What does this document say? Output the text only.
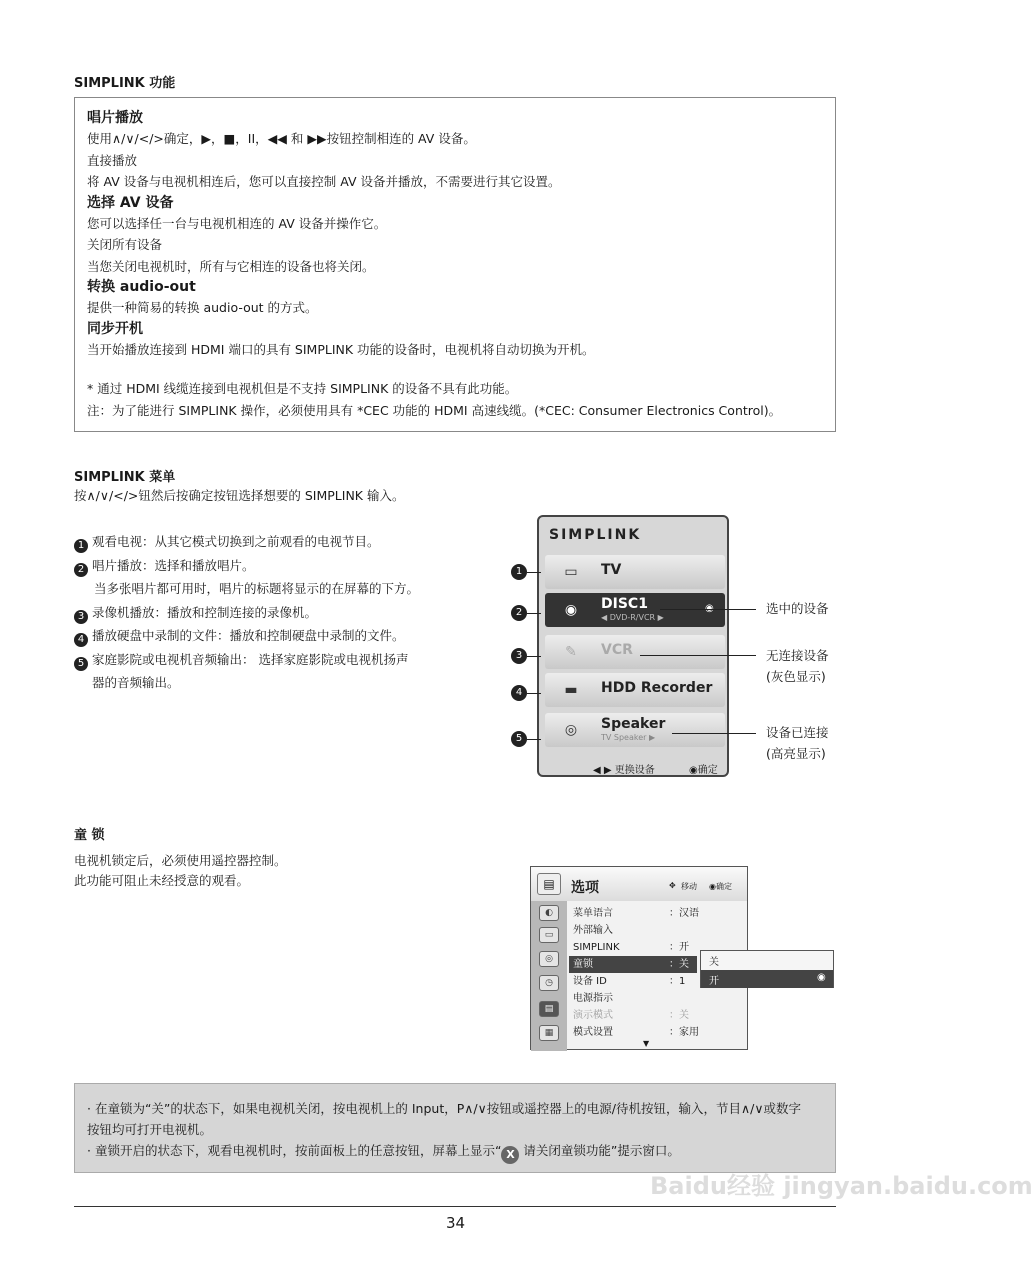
SIMPLINK 功能
唱片播放
使用∧/∨/</>确定，▶，■，II，◀◀ 和 ▶▶按钮控制相连的 AV 设备。
直接播放
将 AV 设备与电视机相连后，您可以直接控制 AV 设备并播放，不需要进行其它设置。
选择 AV 设备
您可以选择任一台与电视机相连的 AV 设备并操作它。
关闭所有设备
当您关闭电视机时，所有与它相连的设备也将关闭。
转换 audio-out
提供一种简易的转换 audio-out 的方式。
同步开机
当开始播放连接到 HDMI 端口的具有 SIMPLINK 功能的设备时，电视机将自动切换为开机。
* 通过 HDMI 线缆连接到电视机但是不支持 SIMPLINK 的设备不具有此功能。
注：为了能进行 SIMPLINK 操作，必须使用具有 *CEC 功能的 HDMI 高速线缆。(*CEC: Consumer Electronics Control)。
SIMPLINK 菜单
按∧/∨/</>钮然后按确定按钮选择想要的 SIMPLINK 输入。
1 观看电视：从其它模式切换到之前观看的电视节目。
2 唱片播放：选择和播放唱片。
当多张唱片都可用时，唱片的标题将显示的在屏幕的下方。
3 录像机播放：播放和控制连接的录像机。
4 播放硬盘中录制的文件：播放和控制硬盘中录制的文件。
5 家庭影院或电视机音频输出： 选择家庭影院或电视机扬声
器的音频输出。
SIMPLINK
▭	TV
◉	DISC1
◀ DVD-R/VCR ▶
✎	VCR
▬	HDD Recorder
◎	Speaker
TV Speaker ▶
◀ ▶ 更换设备	◉确定
1
2
3
4
5
选中的设备
无连接设备
(灰色显示)
设备已连接
(高亮显示)
童 锁
电视机锁定后，必须使用遥控器控制。
此功能可阻止未经授意的观看。	▤	选项	✥ 移动 ◉确定
◐
▭
◎
◷
▤
▦
菜单语言	：汉语
外部输入
SIMPLINK	：开
童锁	：关
设备 ID	：1
电源指示
演示模式	：关
模式设置	：家用
▼
关
开	◉
· 在童锁为“关”的状态下，如果电视机关闭，按电视机上的 Input，P∧/∨按钮或遥控器上的电源/待机按钮，输入，节目∧/∨或数字
按钮均可打开电视机。
· 童锁开启的状态下，观看电视机时，按前面板上的任意按钮，屏幕上显示“ X 请关闭童锁功能”提示窗口。
34
Baidu经验 jingyan.baidu.com
